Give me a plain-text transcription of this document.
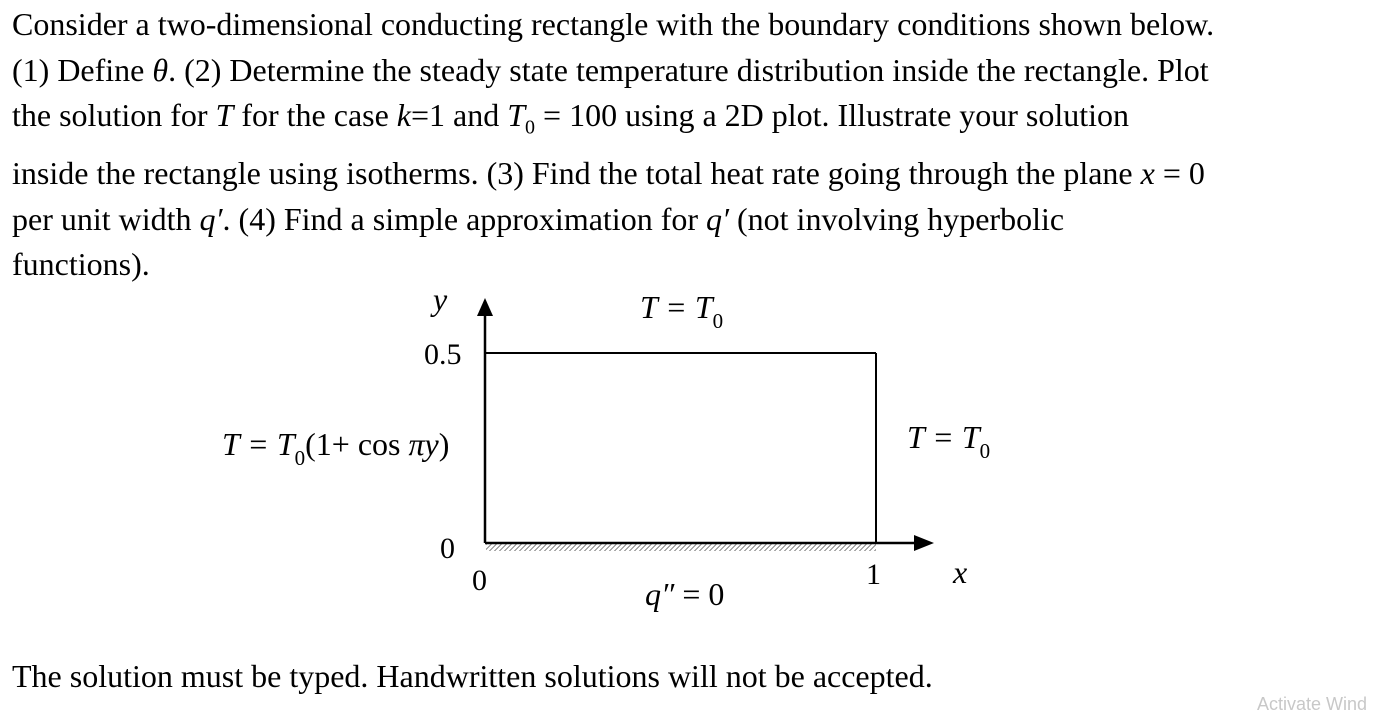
Consider a two-dimensional conducting rectangle with the boundary conditions shown below.
(1) Define θ. (2) Determine the steady state temperature distribution inside the rectangle. Plot
the solution for T for the case k=1 and $T_0 = 100$ using a 2D plot. Illustrate your solution
inside the rectangle using isotherms. (3) Find the total heat rate going through the plane x = 0
per unit width q′. (4) Find a simple approximation for q′ (not involving hyperbolic
functions).
y
x
0.5
0
0	1
$T = T_0$
$T = T_0$
$T = T_0(1+ \cos \pi y)$
q″ = 0
The solution must be typed. Handwritten solutions will not be accepted.
Activate Wind
